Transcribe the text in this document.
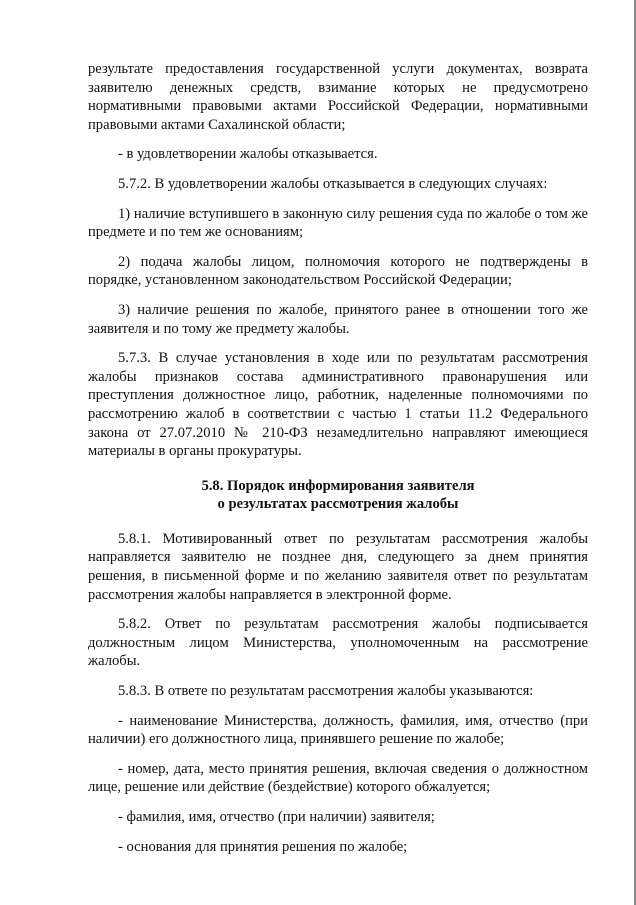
результате предоставления государственной услуги документах, возврата заявителю денежных средств, взимание которых не предусмотрено нормативными правовыми актами Российской Федерации, нормативными правовыми актами Сахалинской области;

- в удовлетворении жалобы отказывается.

5.7.2. В удовлетворении жалобы отказывается в следующих случаях:

1) наличие вступившего в законную силу решения суда по жалобе о том же предмете и по тем же основаниям;

2) подача жалобы лицом, полномочия которого не подтверждены в порядке, установленном законодательством Российской Федерации;

3) наличие решения по жалобе, принятого ранее в отношении того же заявителя и по тому же предмету жалобы.

5.7.3. В случае установления в ходе или по результатам рассмотрения жалобы признаков состава административного правонарушения или преступления должностное лицо, работник, наделенные полномочиями по рассмотрению жалоб в соответствии с частью 1 статьи 11.2 Федерального закона от 27.07.2010 № 210-ФЗ незамедлительно направляют имеющиеся материалы в органы прокуратуры.

5.8. Порядок информирования заявителя

о результатах рассмотрения жалобы

5.8.1. Мотивированный ответ по результатам рассмотрения жалобы направляется заявителю не позднее дня, следующего за днем принятия решения, в письменной форме и по желанию заявителя ответ по результатам рассмотрения жалобы направляется в электронной форме.

5.8.2. Ответ по результатам рассмотрения жалобы подписывается должностным лицом Министерства, уполномоченным на рассмотрение жалобы.

5.8.3. В ответе по результатам рассмотрения жалобы указываются:

- наименование Министерства, должность, фамилия, имя, отчество (при наличии) его должностного лица, принявшего решение по жалобе;

- номер, дата, место принятия решения, включая сведения о должностном лице, решение или действие (бездействие) которого обжалуется;

- фамилия, имя, отчество (при наличии) заявителя;

- основания для принятия решения по жалобе;
